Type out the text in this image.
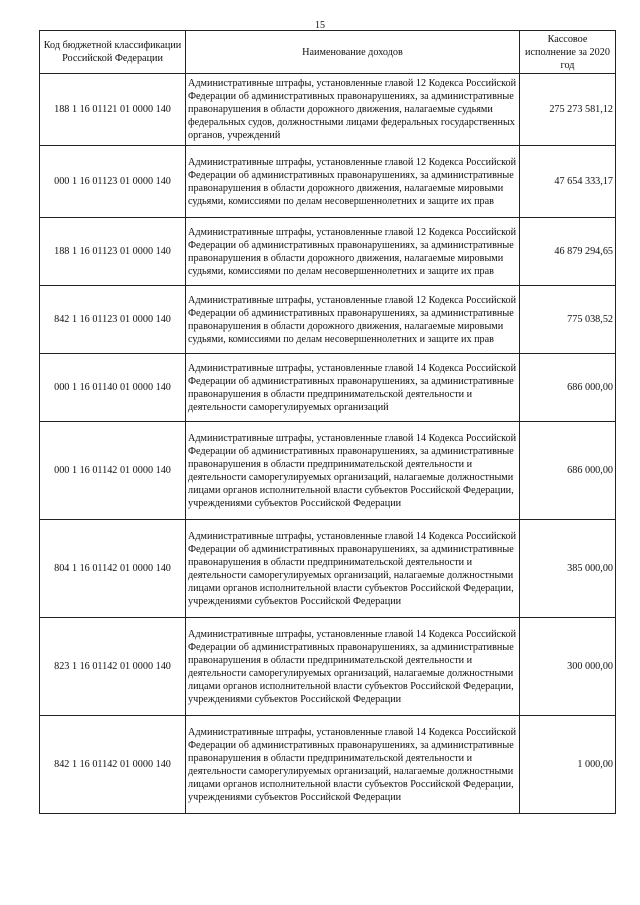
15
Код бюджетной классификации Российской Федерации	Наименование доходов	Кассовое исполнение за 2020 год
188 1 16 01121 01 0000 140	Административные штрафы, установленные главой 12 Кодекса Российской Федерации об административных правонарушениях, за административные правонарушения в области дорожного движения, налагаемые судьями федеральных судов, должностными лицами федеральных государственных органов, учреждений	275 273 581,12
000 1 16 01123 01 0000 140	Административные штрафы, установленные главой 12 Кодекса Российской Федерации об административных правонарушениях, за административные правонарушения в области дорожного движения, налагаемые мировыми судьями, комиссиями по делам несовершеннолетних и защите их прав	47 654 333,17
188 1 16 01123 01 0000 140	Административные штрафы, установленные главой 12 Кодекса Российской Федерации об административных правонарушениях, за административные правонарушения в области дорожного движения, налагаемые мировыми судьями, комиссиями по делам несовершеннолетних и защите их прав	46 879 294,65
842 1 16 01123 01 0000 140	Административные штрафы, установленные главой 12 Кодекса Российской Федерации об административных правонарушениях, за административные правонарушения в области дорожного движения, налагаемые мировыми судьями, комиссиями по делам несовершеннолетних и защите их прав	775 038,52
000 1 16 01140 01 0000 140	Административные штрафы, установленные главой 14 Кодекса Российской Федерации об административных правонарушениях, за административные правонарушения в области предпринимательской деятельности и деятельности саморегулируемых организаций	686 000,00
000 1 16 01142 01 0000 140	Административные штрафы, установленные главой 14 Кодекса Российской Федерации об административных правонарушениях, за административные правонарушения в области предпринимательской деятельности и деятельности саморегулируемых организаций, налагаемые должностными лицами органов исполнительной власти субъектов Российской Федерации, учреждениями субъектов Российской Федерации	686 000,00
804 1 16 01142 01 0000 140	Административные штрафы, установленные главой 14 Кодекса Российской Федерации об административных правонарушениях, за административные правонарушения в области предпринимательской деятельности и деятельности саморегулируемых организаций, налагаемые должностными лицами органов исполнительной власти субъектов Российской Федерации, учреждениями субъектов Российской Федерации	385 000,00
823 1 16 01142 01 0000 140	Административные штрафы, установленные главой 14 Кодекса Российской Федерации об административных правонарушениях, за административные правонарушения в области предпринимательской деятельности и деятельности саморегулируемых организаций, налагаемые должностными лицами органов исполнительной власти субъектов Российской Федерации, учреждениями субъектов Российской Федерации	300 000,00
842 1 16 01142 01 0000 140	Административные штрафы, установленные главой 14 Кодекса Российской Федерации об административных правонарушениях, за административные правонарушения в области предпринимательской деятельности и деятельности саморегулируемых организаций, налагаемые должностными лицами органов исполнительной власти субъектов Российской Федерации, учреждениями субъектов Российской Федерации	1 000,00
